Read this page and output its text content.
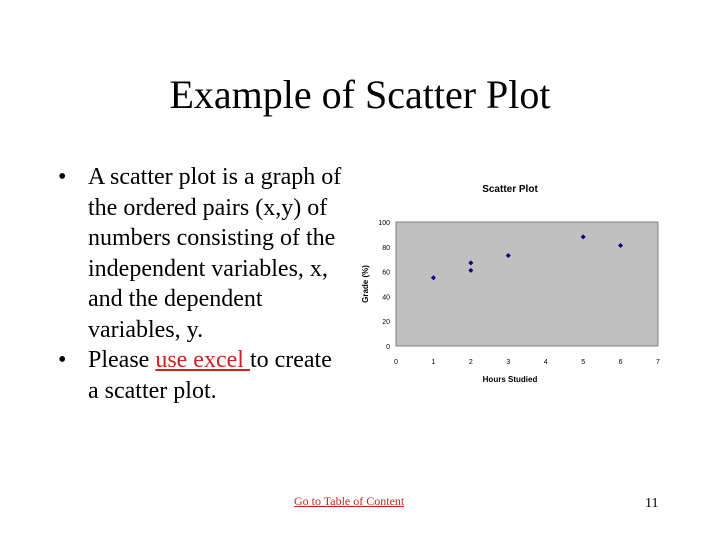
Example of Scatter Plot
• A scatter plot is a graph of the ordered pairs (x,y) of numbers consisting of the independent variables, x, and the dependent variables, y.
• Please use excel to create a scatter plot.
Scatter Plot
0
20
40
60
80
100
0	1	2	3	4	5	6	7
Hours Studied
Grade (%)
Go to Table of Content	11
